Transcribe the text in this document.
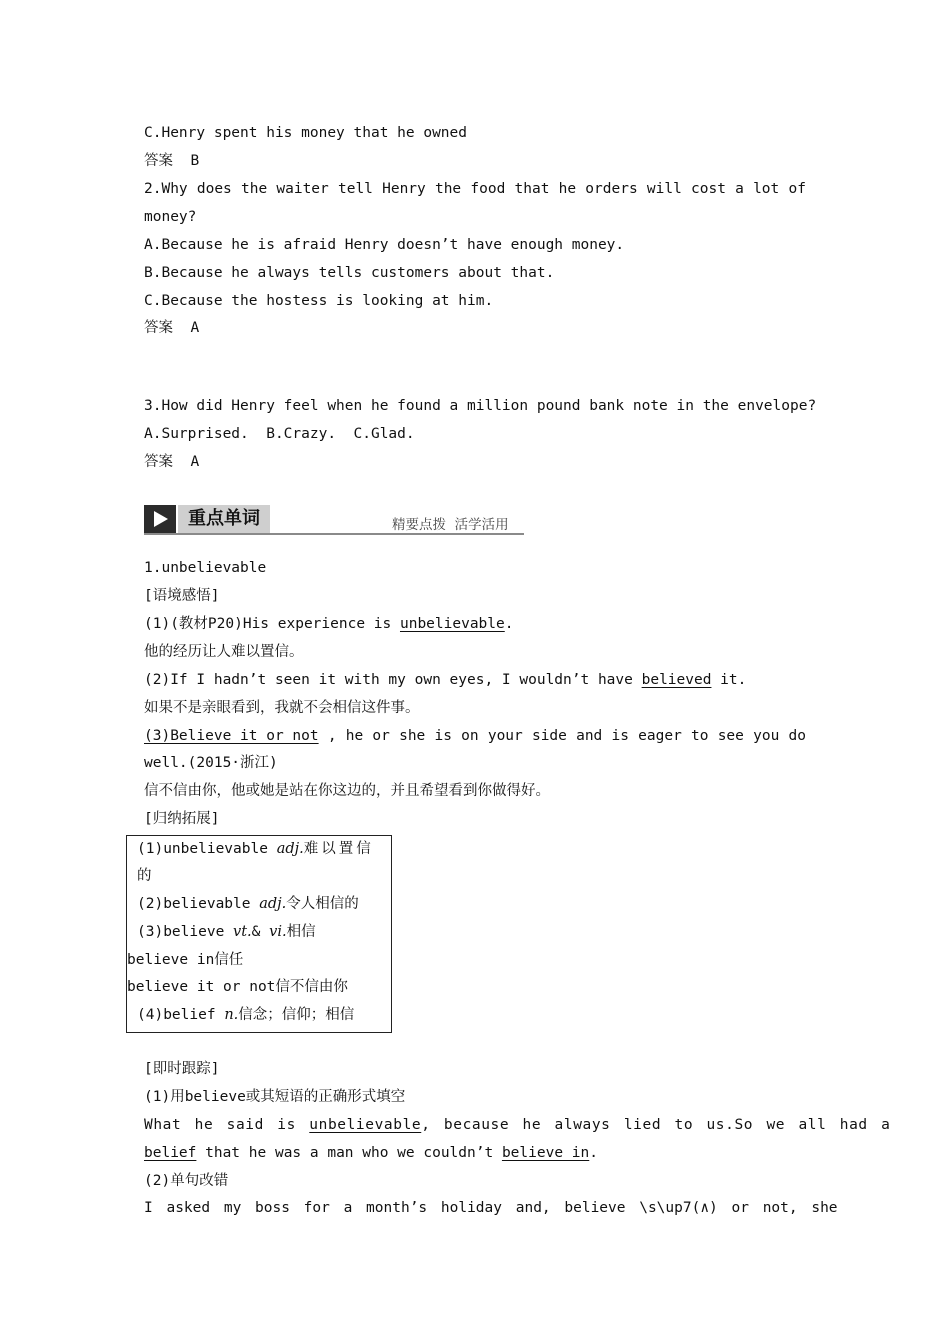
C.Henry spent his money that he owned
答案  B
2.Why does the waiter tell Henry the food that he orders will cost a lot of
money?
A.Because he is afraid Henry doesn’t have enough money.
B.Because he always tells customers about that.
C.Because the hostess is looking at him.
答案  A
3.How did Henry feel when he found a million pound bank note in the envelope?
A.Surprised.  B.Crazy.  C.Glad.
答案  A
重点单词	精要点拨  活学活用
1.unbelievable
[语境感悟]
(1)(教材P20)His experience is unbelievable.
他的经历让人难以置信。
(2)If I hadn’t seen it with my own eyes, I wouldn’t have believed it.
如果不是亲眼看到，我就不会相信这件事。
(3)Believe it or not , he or she is on your side and is eager to see you do
well.(2015·浙江)
信不信由你，他或她是站在你这边的，并且希望看到你做得好。
[归纳拓展]
(1)unbelievable adj.难以置信
的
(2)believable adj.令人相信的
(3)believe vt.& vi.相信
believe in信任
believe it or not信不信由你
(4)belief n.信念；信仰；相信
[即时跟踪]
(1)用believe或其短语的正确形式填空
What he said is unbelievable , because he always lied to us.So we all had a
belief that he was a man who we couldn’t believe in.
(2)单句改错
I asked my boss for a month’s holiday and, believe \s\up7(∧) or not, she
